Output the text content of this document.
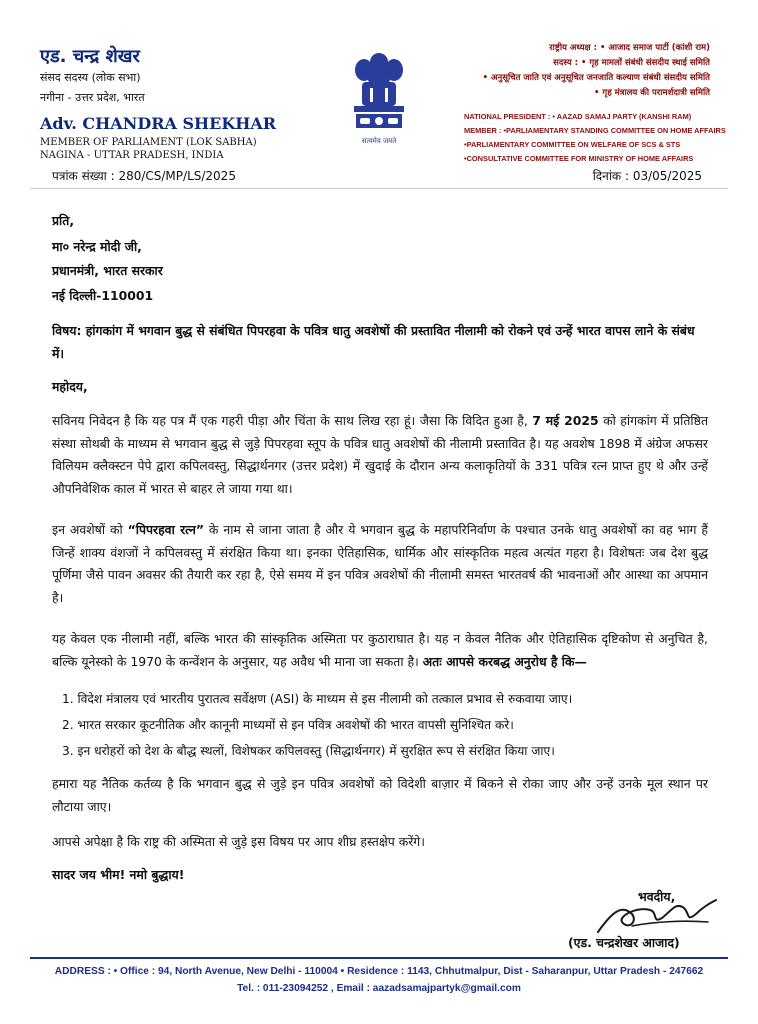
एड. चन्द्र शेखर
संसद सदस्य (लोक सभा)
नगीना - उत्तर प्रदेश, भारत
Adv. CHANDRA SHEKHAR
MEMBER OF PARLIAMENT (LOK SABHA)
NAGINA - UTTAR PRADESH, INDIA
पत्रांक संख्या : 280/CS/MP/LS/2025
सत्यमेव जयते
राष्ट्रीय अध्यक्ष : • आजाद समाज पार्टी (कांशी राम)
सदस्य : • गृह मामलों संबंधी संसदीय स्थाई समिति
• अनुसूचित जाति एवं अनुसूचित जनजाति कल्याण संबंधी संसदीय समिति
• गृह मंत्रालय की परामर्शदात्री समिति
NATIONAL PRESIDENT : • AAZAD SAMAJ PARTY (KANSHI RAM)
MEMBER : •PARLIAMENTARY STANDING COMMITTEE ON HOME AFFAIRS
•PARLIAMENTARY COMMITTEE ON WELFARE OF SCS & STS
•CONSULTATIVE COMMITTEE FOR MINISTRY OF HOME AFFAIRS
दिनांक : 03/05/2025
प्रति,
मा० नरेन्द्र मोदी जी,
प्रधानमंत्री, भारत सरकार
नई दिल्ली-110001
विषय: हांगकांग में भगवान बुद्ध से संबंधित पिपरहवा के पवित्र धातु अवशेषों की प्रस्तावित नीलामी को रोकने एवं उन्हें भारत वापस लाने के संबंध में।
महोदय,
सविनय निवेदन है कि यह पत्र मैं एक गहरी पीड़ा और चिंता के साथ लिख रहा हूं। जैसा कि विदित हुआ है, 7 मई 2025 को हांगकांग में प्रतिष्ठित संस्था सोथबी के माध्यम से भगवान बुद्ध से जुड़े पिपरहवा स्तूप के पवित्र धातु अवशेषों की नीलामी प्रस्तावित है। यह अवशेष 1898 में अंग्रेज अफसर विलियम क्लैक्स्टन पेपे द्वारा कपिलवस्तु, सिद्धार्थनगर (उत्तर प्रदेश) में खुदाई के दौरान अन्य कलाकृतियों के 331 पवित्र रत्न प्राप्त हुए थे और उन्हें औपनिवेशिक काल में भारत से बाहर ले जाया गया था।
इन अवशेषों को “पिपरहवा रत्न” के नाम से जाना जाता है और ये भगवान बुद्ध के महापरिनिर्वाण के पश्चात उनके धातु अवशेषों का वह भाग हैं जिन्हें शाक्य वंशजों ने कपिलवस्तु में संरक्षित किया था। इनका ऐतिहासिक, धार्मिक और सांस्कृतिक महत्व अत्यंत गहरा है। विशेषतः जब देश बुद्ध पूर्णिमा जैसे पावन अवसर की तैयारी कर रहा है, ऐसे समय में इन पवित्र अवशेषों की नीलामी समस्त भारतवर्ष की भावनाओं और आस्था का अपमान है।
यह केवल एक नीलामी नहीं, बल्कि भारत की सांस्कृतिक अस्मिता पर कुठाराघात है। यह न केवल नैतिक और ऐतिहासिक दृष्टिकोण से अनुचित है, बल्कि यूनेस्को के 1970 के कन्वेंशन के अनुसार, यह अवैध भी माना जा सकता है। अतः आपसे करबद्ध अनुरोध है कि—
1. विदेश मंत्रालय एवं भारतीय पुरातत्व सर्वेक्षण (ASI) के माध्यम से इस नीलामी को तत्काल प्रभाव से रुकवाया जाए।
2. भारत सरकार कूटनीतिक और कानूनी माध्यमों से इन पवित्र अवशेषों की भारत वापसी सुनिश्चित करे।
3. इन धरोहरों को देश के बौद्ध स्थलों, विशेषकर कपिलवस्तु (सिद्धार्थनगर) में सुरक्षित रूप से संरक्षित किया जाए।
हमारा यह नैतिक कर्तव्य है कि भगवान बुद्ध से जुड़े इन पवित्र अवशेषों को विदेशी बाज़ार में बिकने से रोका जाए और उन्हें उनके मूल स्थान पर लौटाया जाए।
आपसे अपेक्षा है कि राष्ट्र की अस्मिता से जुड़े इस विषय पर आप शीघ्र हस्तक्षेप करेंगे।
सादर जय भीम! नमो बुद्धाय!
भवदीय,
(एड. चन्द्रशेखर आजाद)
ADDRESS : • Office : 94, North Avenue, New Delhi - 110004 • Residence : 1143, Chhutmalpur, Dist - Saharanpur, Uttar Pradesh - 247662
Tel. : 011-23094252 , Email : aazadsamajpartyk@gmail.com
